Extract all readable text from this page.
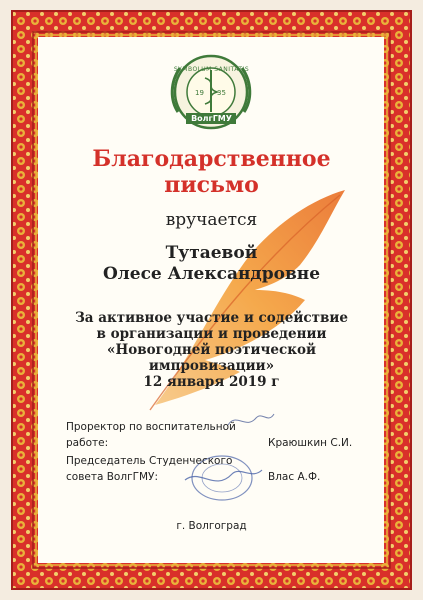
SYMBOLUM SANITATIS
19 35
ВолгГМУ
Благодарственное
письмо
вручается
Тутаевой
Олесе Александровне
За активное участие и содействие
в организации и проведении
«Новогодней поэтической
импровизации»
12 января 2019 г
Проректор по воспитательной
работе:	Краюшкин С.И.
Председатель Студенческого
совета ВолгГМУ:	Влас А.Ф.
г. Волгоград
